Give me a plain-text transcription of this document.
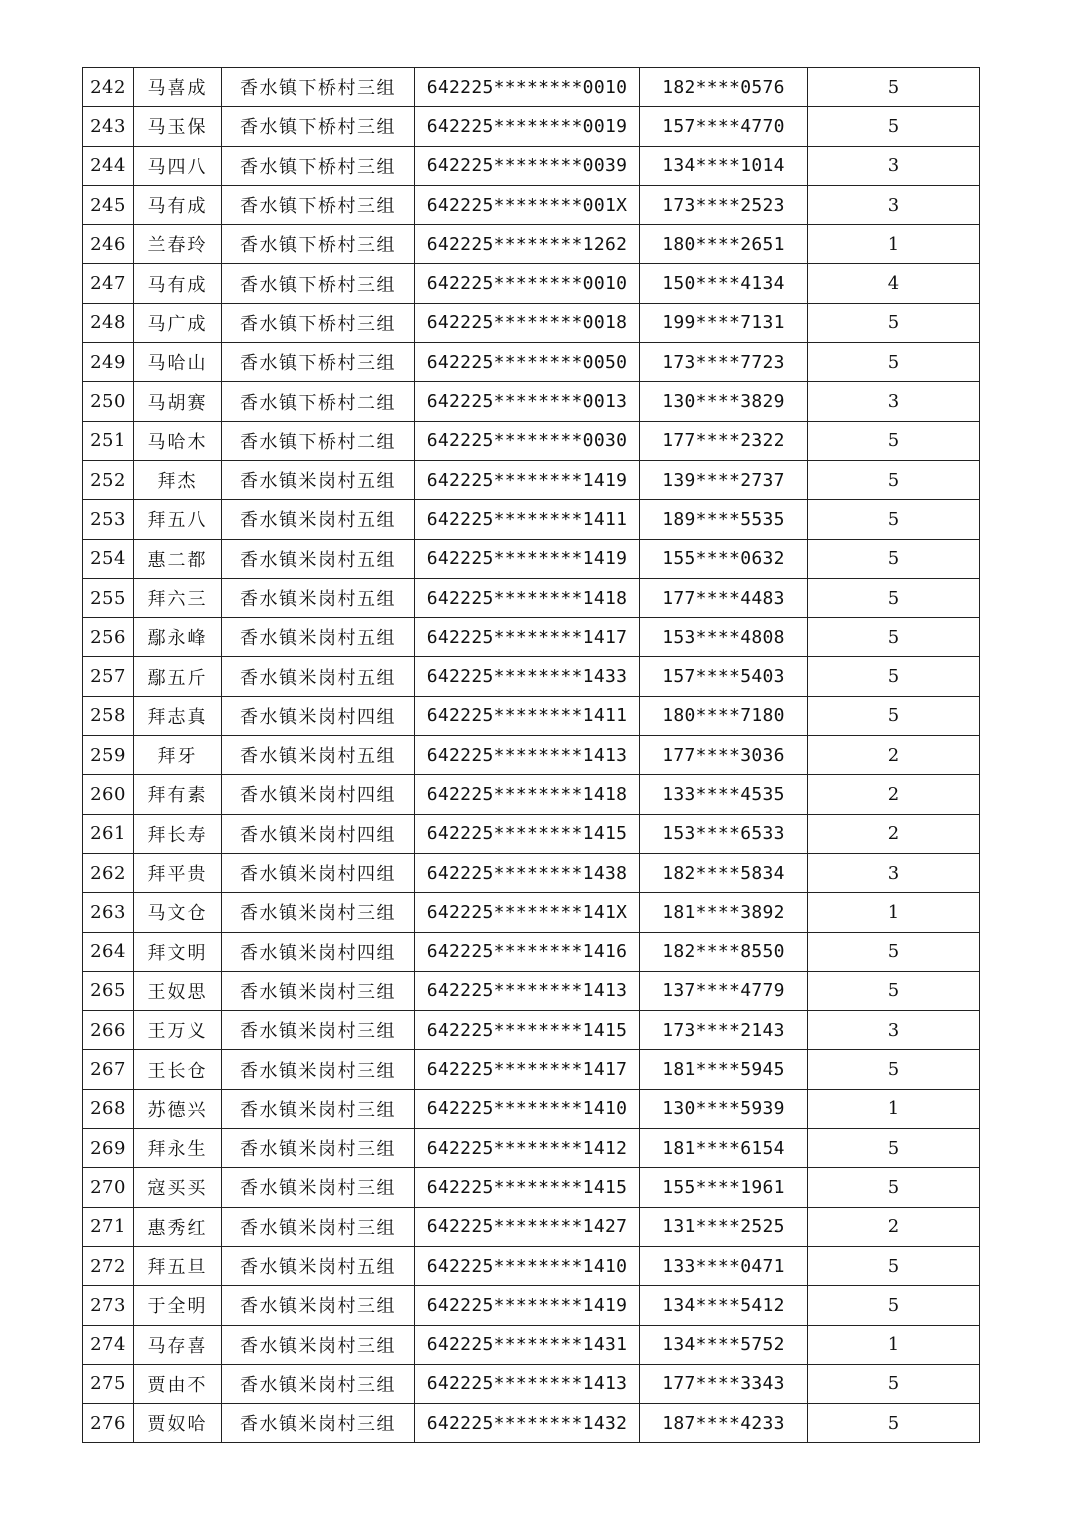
242	马喜成	香水镇下桥村三组	642225********0010	182****0576	5
243	马玉保	香水镇下桥村三组	642225********0019	157****4770	5
244	马四八	香水镇下桥村三组	642225********0039	134****1014	3
245	马有成	香水镇下桥村三组	642225********001X	173****2523	3
246	兰春玲	香水镇下桥村三组	642225********1262	180****2651	1
247	马有成	香水镇下桥村三组	642225********0010	150****4134	4
248	马广成	香水镇下桥村三组	642225********0018	199****7131	5
249	马哈山	香水镇下桥村三组	642225********0050	173****7723	5
250	马胡赛	香水镇下桥村二组	642225********0013	130****3829	3
251	马哈木	香水镇下桥村二组	642225********0030	177****2322	5
252	拜杰	香水镇米岗村五组	642225********1419	139****2737	5
253	拜五八	香水镇米岗村五组	642225********1411	189****5535	5
254	惠二都	香水镇米岗村五组	642225********1419	155****0632	5
255	拜六三	香水镇米岗村五组	642225********1418	177****4483	5
256	鄢永峰	香水镇米岗村五组	642225********1417	153****4808	5
257	鄢五斤	香水镇米岗村五组	642225********1433	157****5403	5
258	拜志真	香水镇米岗村四组	642225********1411	180****7180	5
259	拜牙	香水镇米岗村五组	642225********1413	177****3036	2
260	拜有素	香水镇米岗村四组	642225********1418	133****4535	2
261	拜长寿	香水镇米岗村四组	642225********1415	153****6533	2
262	拜平贵	香水镇米岗村四组	642225********1438	182****5834	3
263	马文仓	香水镇米岗村三组	642225********141X	181****3892	1
264	拜文明	香水镇米岗村四组	642225********1416	182****8550	5
265	王奴思	香水镇米岗村三组	642225********1413	137****4779	5
266	王万义	香水镇米岗村三组	642225********1415	173****2143	3
267	王长仓	香水镇米岗村三组	642225********1417	181****5945	5
268	苏德兴	香水镇米岗村三组	642225********1410	130****5939	1
269	拜永生	香水镇米岗村三组	642225********1412	181****6154	5
270	寇买买	香水镇米岗村三组	642225********1415	155****1961	5
271	惠秀红	香水镇米岗村三组	642225********1427	131****2525	2
272	拜五旦	香水镇米岗村五组	642225********1410	133****0471	5
273	于全明	香水镇米岗村三组	642225********1419	134****5412	5
274	马存喜	香水镇米岗村三组	642225********1431	134****5752	1
275	贾由不	香水镇米岗村三组	642225********1413	177****3343	5
276	贾奴哈	香水镇米岗村三组	642225********1432	187****4233	5
